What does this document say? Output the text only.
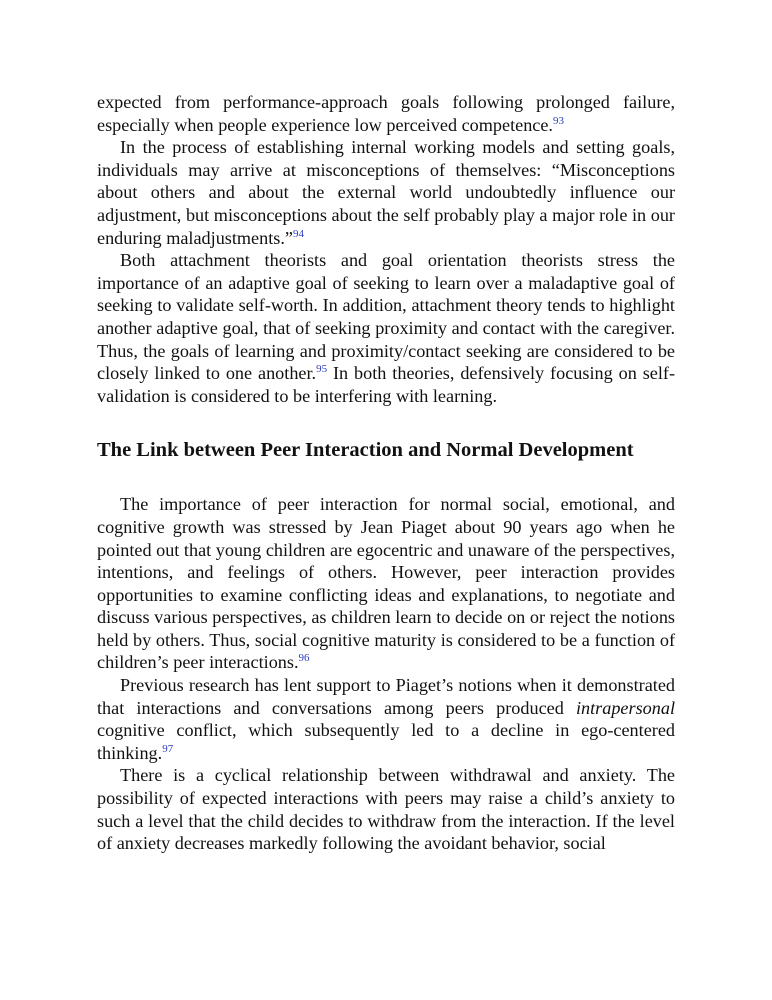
expected from performance-approach goals following prolonged failure, especially when people experience low perceived competence.$^{93}$

In the process of establishing internal working models and setting goals, individuals may arrive at misconceptions of themselves: “Misconceptions about others and about the external world undoubtedly influence our adjustment, but misconceptions about the self probably play a major role in our enduring maladjustments.”$^{94}$

Both attachment theorists and goal orientation theorists stress the importance of an adaptive goal of seeking to learn over a maladaptive goal of seeking to validate self-worth. In addition, attachment theory tends to highlight another adaptive goal, that of seeking proximity and contact with the caregiver. Thus, the goals of learning and proximity/contact seeking are considered to be closely linked to one another.$^{95}$ In both theories, defensively focusing on self-validation is considered to be interfering with learning.

The Link between Peer Interaction and Normal Development

The importance of peer interaction for normal social, emotional, and cognitive growth was stressed by Jean Piaget about 90 years ago when he pointed out that young children are egocentric and unaware of the perspectives, intentions, and feelings of others. However, peer interaction provides opportunities to examine conflicting ideas and explanations, to negotiate and discuss various perspectives, as children learn to decide on or reject the notions held by others. Thus, social cognitive maturity is considered to be a function of children’s peer interactions.$^{96}$

Previous research has lent support to Piaget’s notions when it demonstrated that interactions and conversations among peers produced intrapersonal cognitive conflict, which subsequently led to a decline in ego-centered thinking.$^{97}$

There is a cyclical relationship between withdrawal and anxiety. The possibility of expected interactions with peers may raise a child’s anxiety to such a level that the child decides to withdraw from the interaction. If the level of anxiety decreases markedly following the avoidant behavior, social
